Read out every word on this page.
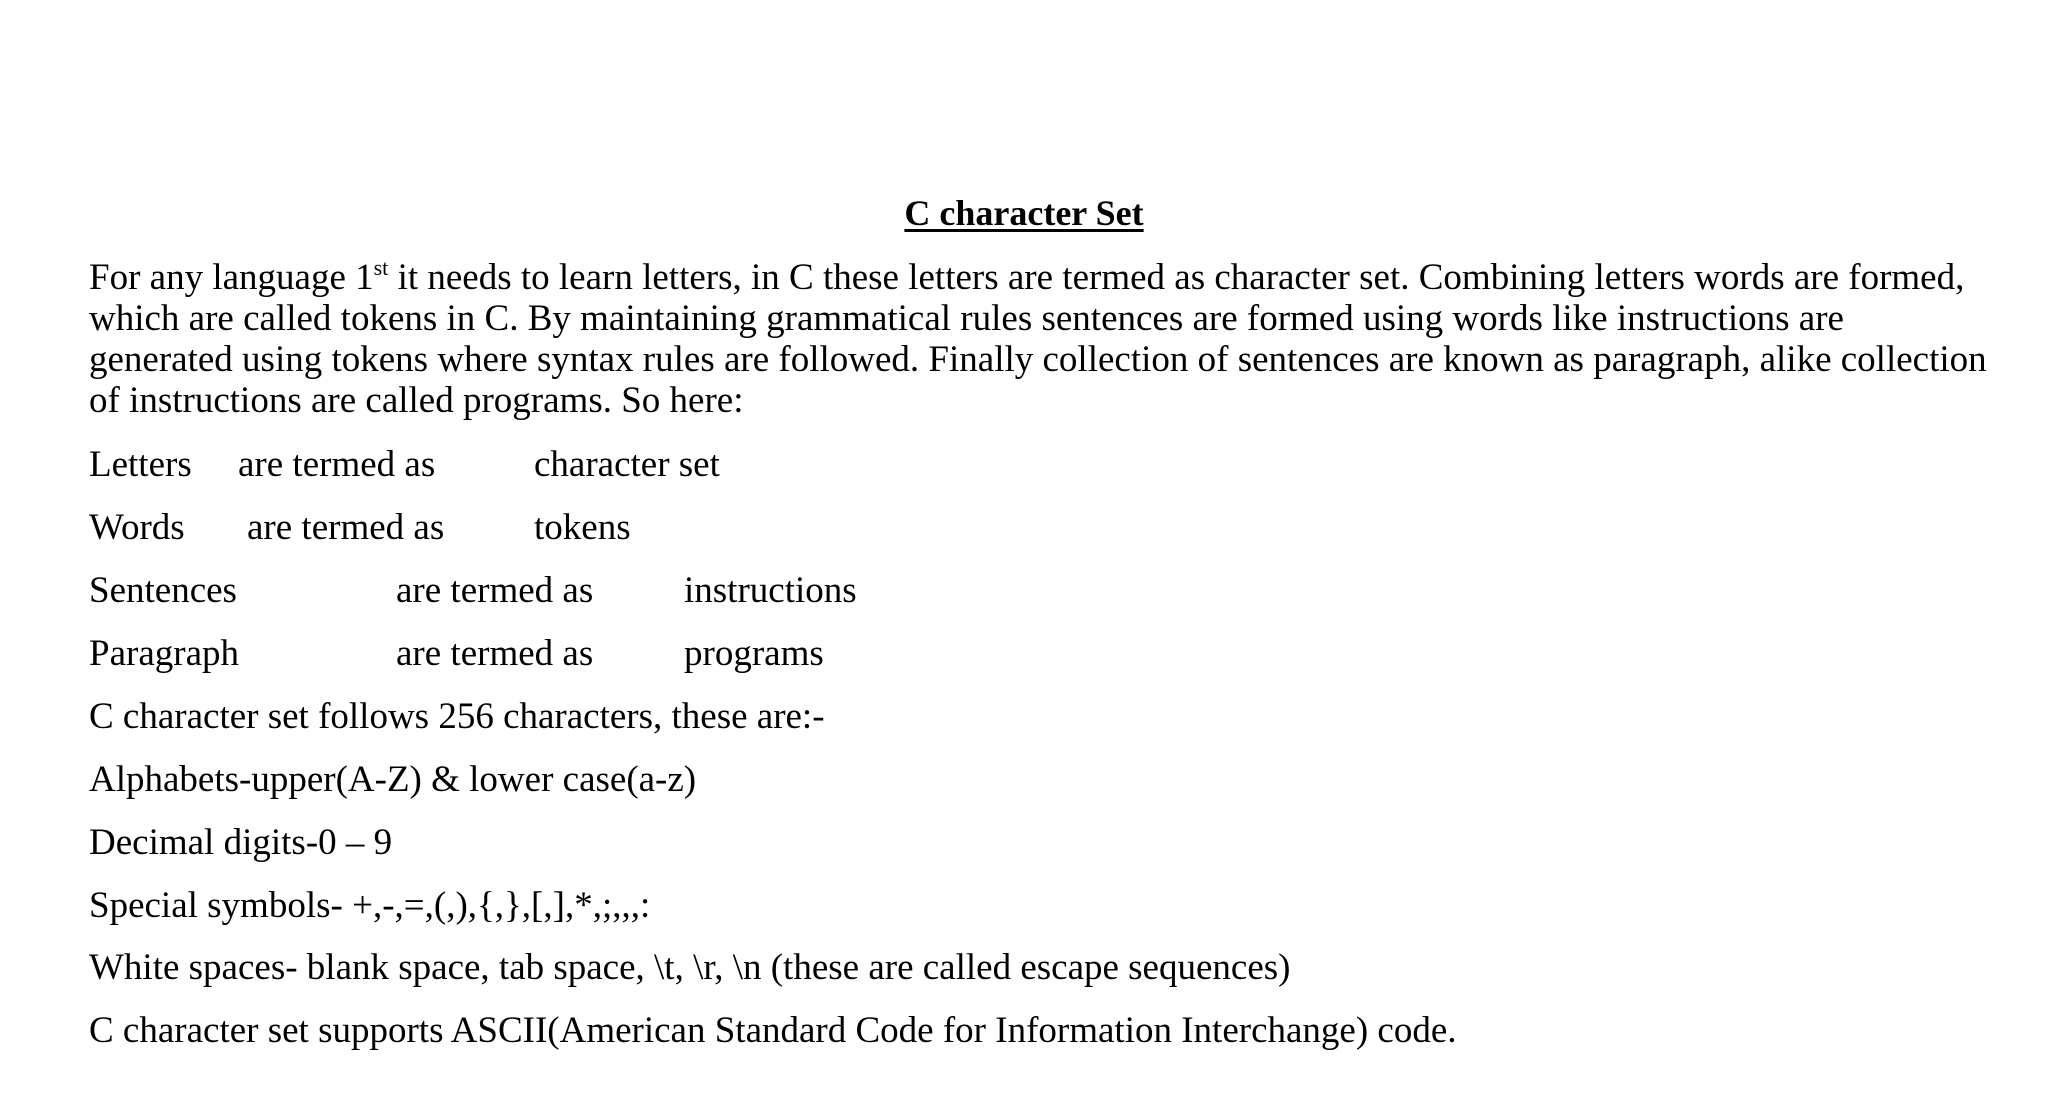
C character Set

For any language 1st it needs to learn letters, in C these letters are termed as character set. Combining letters words are formed, which are called tokens in C. By maintaining grammatical rules sentences are formed using words like instructions are generated using tokens where syntax rules are followed. Finally collection of sentences are known as paragraph, alike collection of instructions are called programs. So here:

Letters are termed as	character set
Words are termed as tokens
Sentences	are termed as instructions
Paragraph	are termed as programs
C character set follows 256 characters, these are:-
Alphabets-upper(A-Z) & lower case(a-z)
Decimal digits-0 – 9
Special symbols- +,-,=,(,),{,},[,],*,;,,,:
White spaces- blank space, tab space, \t, \r, \n (these are called escape sequences)
C character set supports ASCII(American Standard Code for Information Interchange) code.
